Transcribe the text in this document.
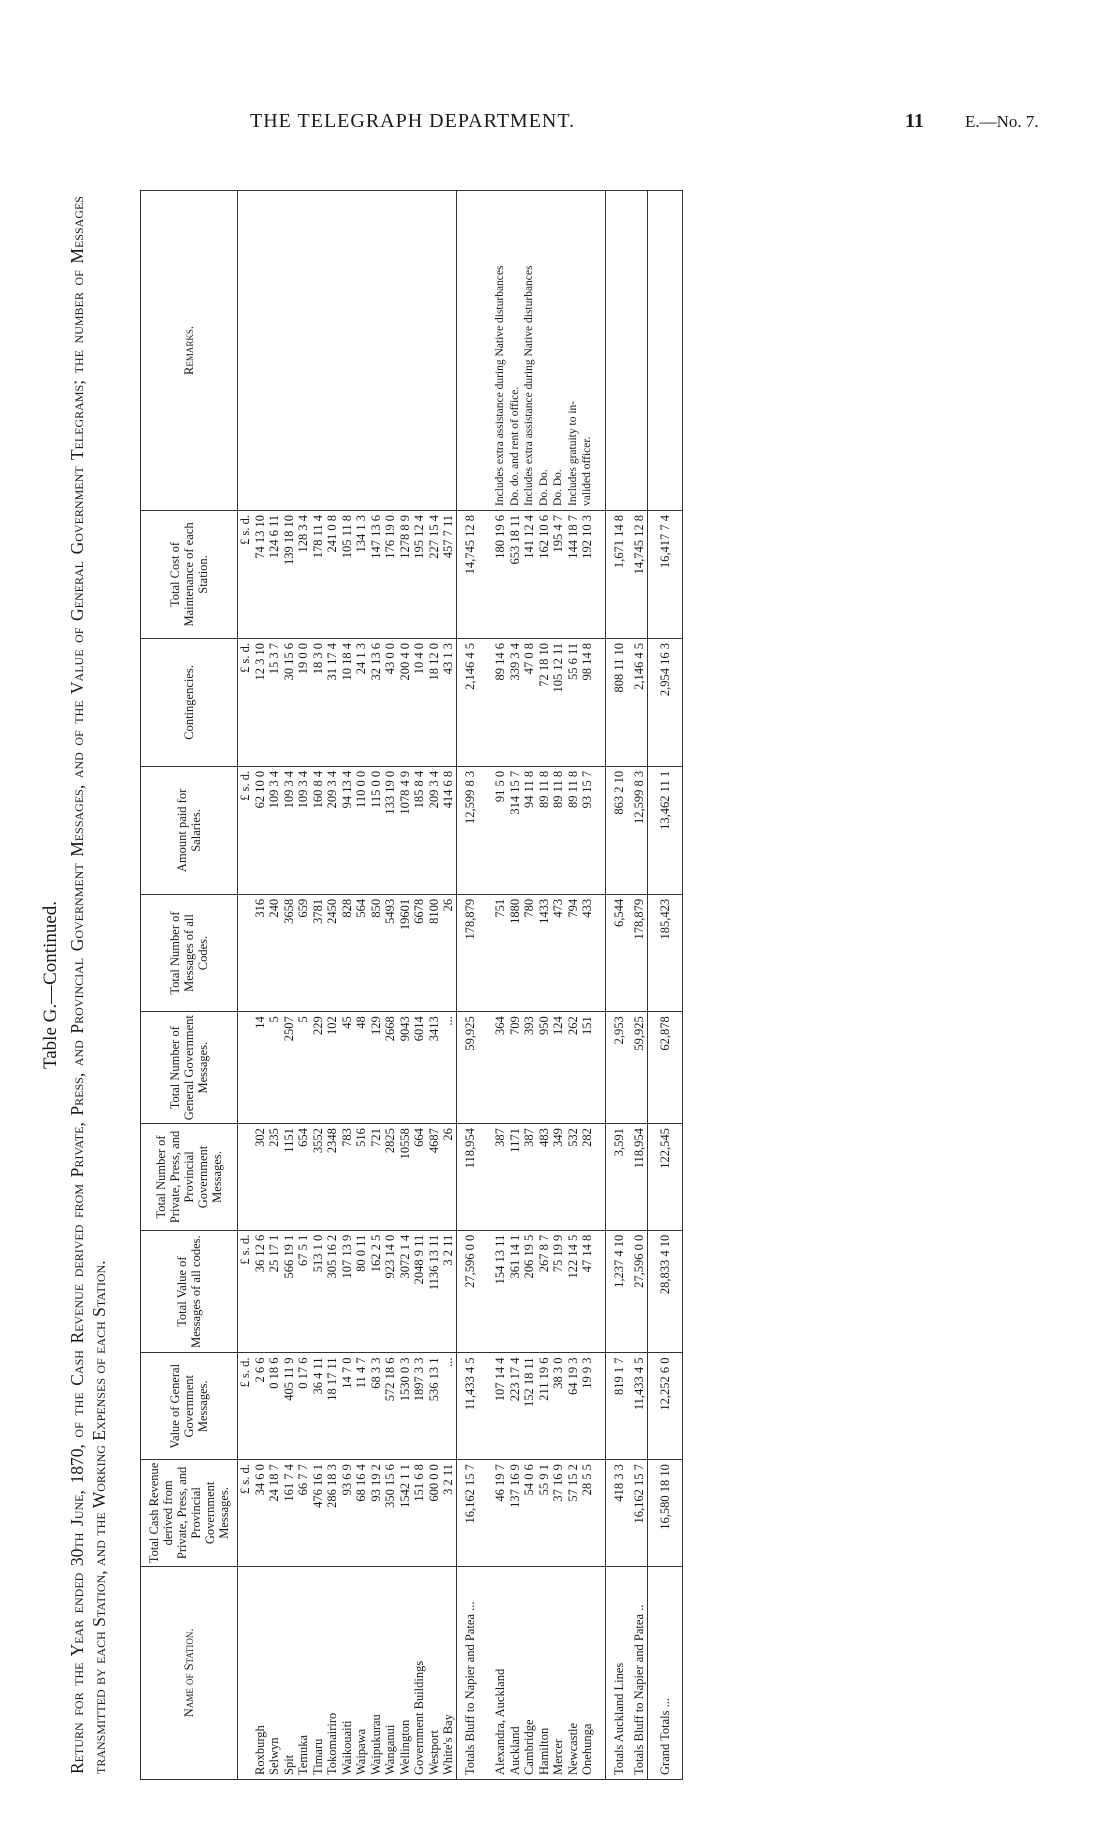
THE TELEGRAPH DEPARTMENT.	11 E.—No. 7.
Table G.—Continued. Return for the Year ended 30th June, 1870, of the Cash Revenue derived from Private, Press, and Provincial Government Messages, and of the Value of General Government Telegrams; the number of Messages transmitted by each Station, and the Working Expenses of each Station.	Name of Station.	Total Cash Revenue derived from Private, Press, and Provincial Government Messages.	Value of General Government Messages.	Total Value of Messages of all codes.	Total Number of Private, Press, and Provincial Government Messages.	Total Number of General Government Messages.	Total Number of Messages of all Codes.	Amount paid for Salaries.	Contingencies.	Total Cost of Maintenance of each Station.	Remarks.
	£ s. d.	£ s. d.	£ s. d.				£ s. d.	£ s. d.	£ s. d.	
Roxburgh	34 6 0	2 6 6	36 12 6	302	14	316	62 10 0	12 3 10	74 13 10	
Selwyn	24 18 7	0 18 6	25 17 1	235	5	240	109 3 4	15 3 7	124 6 11	
Spit	161 7 4	405 11 9	566 19 1	1151	2507	3658	109 3 4	30 15 6	139 18 10	
Temuka	66 7 7	0 17 6	67 5 1	654	5	659	109 3 4	19 0 0	128 3 4	
Timaru	476 16 1	36 4 11	513 1 0	3552	229	3781	160 8 4	18 3 0	178 11 4	
Tokomairiro	286 18 3	18 17 11	305 16 2	2348	102	2450	209 3 4	31 17 4	241 0 8	
Waikouaiti	93 6 9	14 7 0	107 13 9	783	45	828	94 13 4	10 18 4	105 11 8	
Waipawa	68 16 4	11 4 7	80 0 11	516	48	564	110 0 0	24 1 3	134 1 3	
Waipukurau	93 19 2	68 3 3	162 2 5	721	129	850	115 0 0	32 13 6	147 13 6	
Wanganui	350 15 6	572 18 6	923 14 0	2825	2668	5493	133 19 0	43 0 0	176 19 0	
Wellington	1542 1 1	1530 0 3	3072 1 4	10558	9043	19601	1078 4 9	200 4 0	1278 8 9	
Government Buildings	151 6 8	1897 3 3	2048 9 11	664	6014	6678	185 8 4	10 4 0	195 12 4	
Westport	600 0 0	536 13 1	1136 13 11	4687	3413	8100	209 3 4	18 12 0	227 15 4	
White's Bay	3 2 11	...	3 2 11	26	...	26	414 6 8	43 1 3	457 7 11	
Totals Bluff to Napier and Patea ...	16,162 15 7	11,433 4 5	27,596 0 0	118,954	59,925	178,879	12,599 8 3	2,146 4 5	14,745 12 8	

Alexandra, Auckland	46 19 7	107 14 4	154 13 11	387	364	751	91 5 0	89 14 6	180 19 6	Includes extra assistance during Native disturbances
Auckland	137 16 9	223 17 4	361 14 1	1171	709	1880	314 15 7	339 3 4	653 18 11	Do. do. and rent of office.
Cambridge	54 0 6	152 18 11	206 19 5	387	393	780	94 11 8	47 0 8	141 12 4	Includes extra assistance during Native disturbances
Hamilton	55 9 1	211 19 6	267 8 7	483	950	1433	89 11 8	72 18 10	162 10 6	Do. Do.
Mercer	37 16 9	38 3 0	75 19 9	349	124	473	89 11 8	105 12 11	195 4 7	Do. Do.
Newcastle	57 15 2	64 19 3	122 14 5	532	262	794	89 11 8	55 6 11	144 18 7	Includes gratuity to in-
Onehunga	28 5 5	19 9 3	47 14 8	282	151	433	93 15 7	98 14 8	192 10 3	valided officer.

Totals Auckland Lines	418 3 3	819 1 7	1,237 4 10	3,591	2,953	6,544	863 2 10	808 11 10	1,671 14 8	
Totals Bluff to Napier and Patea ..	16,162 15 7	11,433 4 5	27,596 0 0	118,954	59,925	178,879	12,599 8 3	2,146 4 5	14,745 12 8	
Grand Totals ...	16,580 18 10	12,252 6 0	28,833 4 10	122,545	62,878	185,423	13,462 11 1	2,954 16 3	16,417 7 4	
